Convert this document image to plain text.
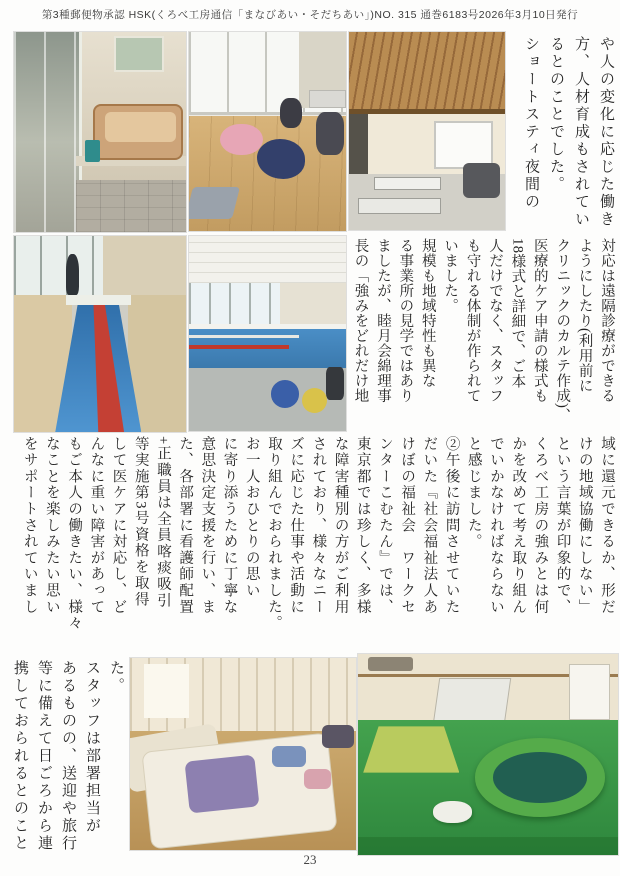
第3種郵便物承認 HSK(くろべ工房通信「まなびあい・そだちあい」)NO. 315 通巻6183号2026年3月10日発行
や人の変化に応じた働き
方、人材育成もされてい
るとのことでした。
ショートスティ夜間の
対応は遠隔診療ができる
ようにしたり(利用前に
クリニックのカルテ作成)、
医療的ケア申請の様式も
18様式と詳細で、ご本
人だけでなく、スタッフ
も守れる体制が作られて
いました。
規模も地域特性も異な
る事業所の見学ではあり
ましたが、睦月会綿理事
長の「強みをどれだけ地
域に還元できるか、形だ
けの地域協働にしない」
という言葉が印象的で、
くろべ工房の強みとは何
かを改めて考え取り組ん
でいかなければならない
と感じました。
②午後に訪問させていた
だいた『社会福祉法人あ
けぼの福祉会　ワークセ
ンターこむたん』では、
東京都では珍しく、多様
な障害種別の方がご利用
されており、様々なニー
ズに応じた仕事や活動に
取り組んでおられました。
お一人おひとりの思い
に寄り添うために丁寧な
意思決定支援を行い、ま
た、各部署に看護師配置
+正職員は全員喀痰吸引
等実施第3号資格を取得
して医ケアに対応し、ど
んなに重い障害があって
もご本人の働きたい、様々
なことを楽しみたい思い
をサポートされていまし
た。
スタッフは部署担当が
あるものの、送迎や旅行
等に備えて日ごろから連
携しておられるとのこと
23
